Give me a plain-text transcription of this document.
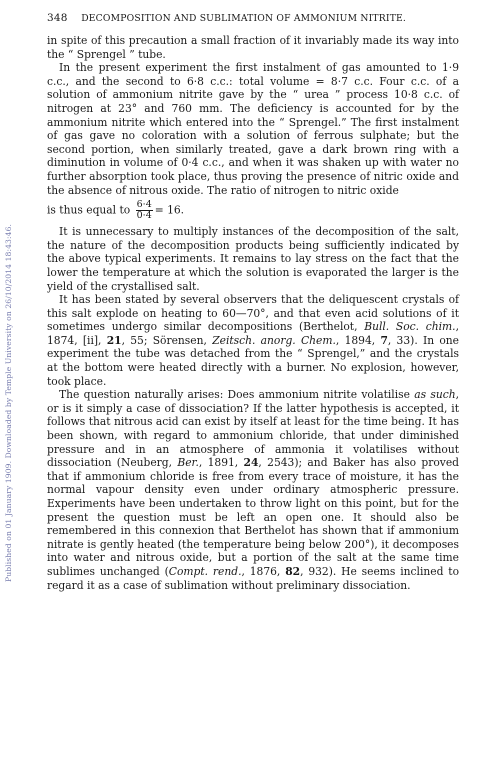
Published on 01 January 1909. Downloaded by Temple University on 26/10/2014 18:43:46.
348 DECOMPOSITION AND SUBLIMATION OF AMMONIUM NITRITE.

in spite of this precaution a small fraction of it invariably made its way into the “ Sprengel ” tube.

In the present experiment the first instalment of gas amounted to 1·9 c.c., and the second to 6·8 c.c.: total volume = 8·7 c.c. Four c.c. of a solution of ammonium nitrite gave by the “ urea ” process 10·8 c.c. of nitrogen at 23° and 760 mm. The deficiency is accounted for by the ammonium nitrite which entered into the “ Sprengel.” The first instalment of gas gave no coloration with a solution of ferrous sulphate; but the second portion, when similarly treated, gave a dark brown ring with a diminution in volume of 0·4 c.c., and when it was shaken up with water no further absorption took place, thus proving the presence of nitric oxide and the absence of nitrous oxide. The ratio of nitrogen to nitric oxide

is thus equal to $\frac{6\cdot 4}{0\cdot 4} = 16$.

It is unnecessary to multiply instances of the decomposition of the salt, the nature of the decomposition products being sufficiently indicated by the above typical experiments. It remains to lay stress on the fact that the lower the temperature at which the solution is evaporated the larger is the yield of the crystallised salt.

It has been stated by several observers that the deliquescent crystals of this salt explode on heating to 60—70°, and that even acid solutions of it sometimes undergo similar decompositions (Berthelot, Bull. Soc. chim., 1874, [ii], 21, 55; Sörensen, Zeitsch. anorg. Chem., 1894, 7, 33). In one experiment the tube was detached from the “ Sprengel,” and the crystals at the bottom were heated directly with a burner. No explosion, however, took place.

The question naturally arises: Does ammonium nitrite volatilise as such, or is it simply a case of dissociation? If the latter hypothesis is accepted, it follows that nitrous acid can exist by itself at least for the time being. It has been shown, with regard to ammonium chloride, that under diminished pressure and in an atmosphere of ammonia it volatilises without dissociation (Neuberg, Ber., 1891, 24, 2543); and Baker has also proved that if ammonium chloride is free from every trace of moisture, it has the normal vapour density even under ordinary atmospheric pressure. Experiments have been undertaken to throw light on this point, but for the present the question must be left an open one. It should also be remembered in this connexion that Berthelot has shown that if ammonium nitrate is gently heated (the temperature being below 200°), it decomposes into water and nitrous oxide, but a portion of the salt at the same time sublimes unchanged (Compt. rend., 1876, 82, 932). He seems inclined to regard it as a case of sublimation without preliminary dissociation.
